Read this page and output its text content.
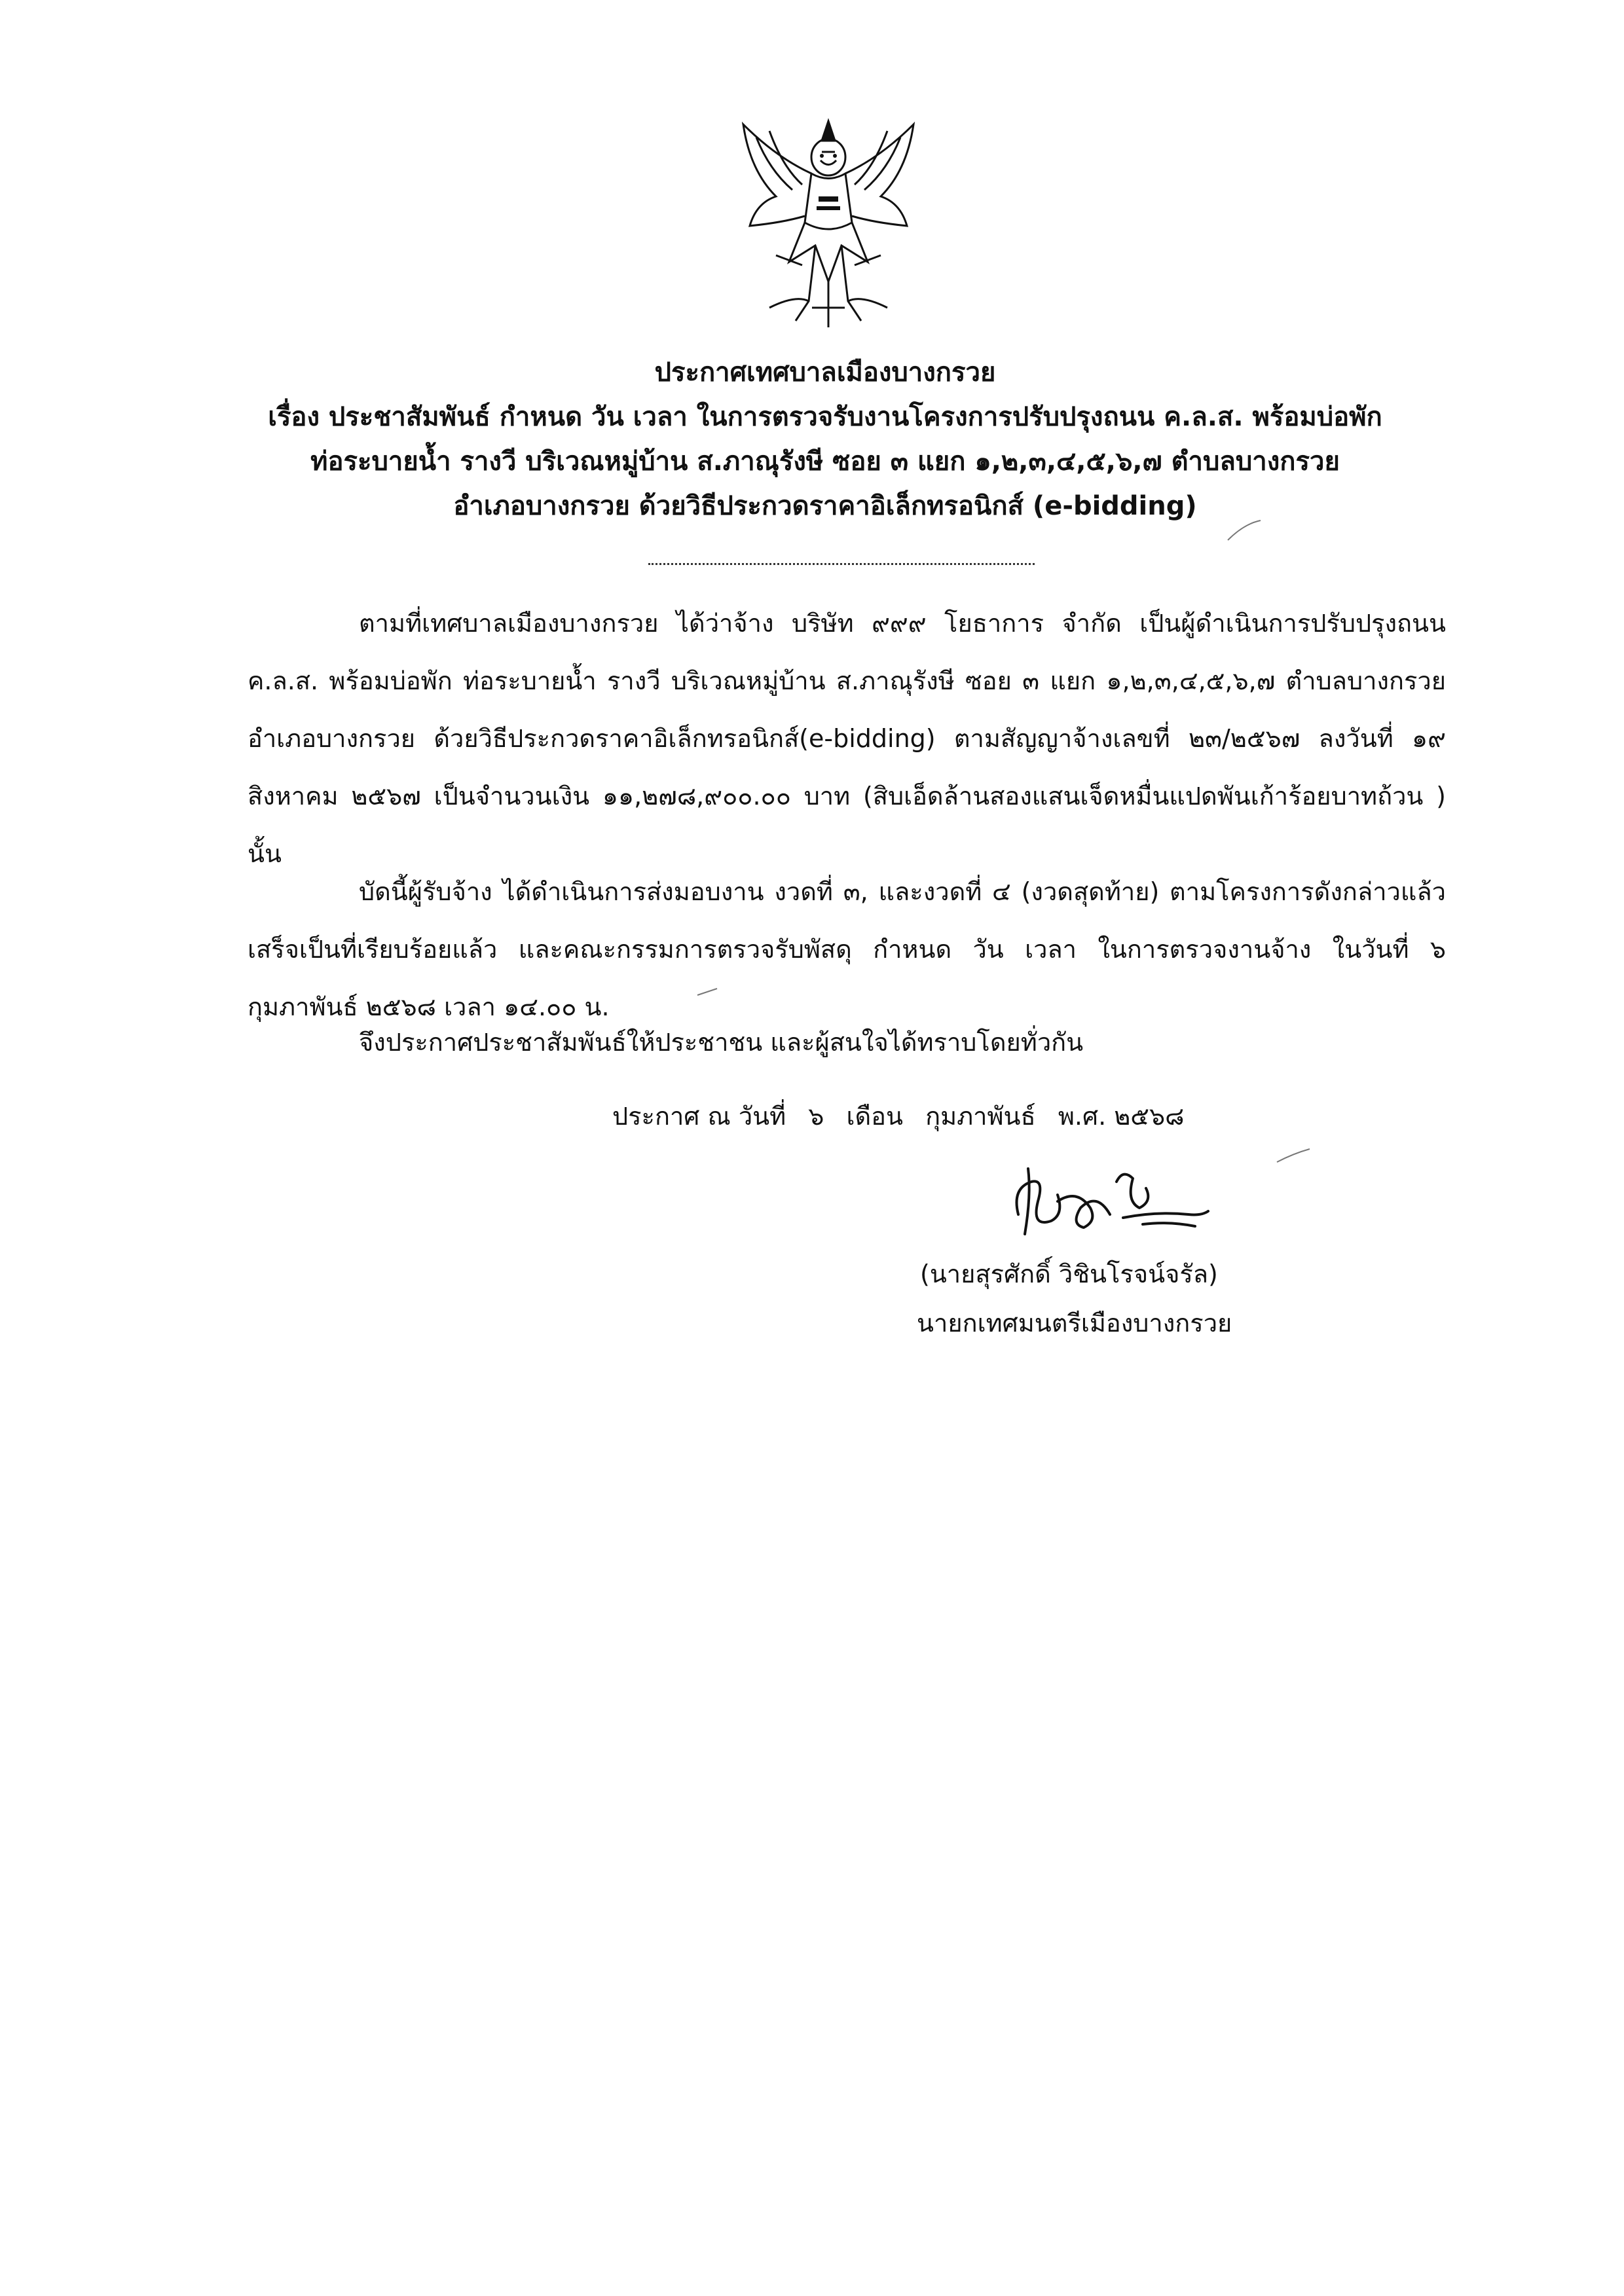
ประกาศเทศบาลเมืองบางกรวย
เรื่อง ประชาสัมพันธ์ กำหนด วัน เวลา ในการตรวจรับงานโครงการปรับปรุงถนน ค.ล.ส. พร้อมบ่อพัก
ท่อระบายน้ำ รางวี บริเวณหมู่บ้าน ส.ภาณุรังษี ซอย ๓ แยก ๑,๒,๓,๔,๕,๖,๗ ตำบลบางกรวย
อำเภอบางกรวย ด้วยวิธีประกวดราคาอิเล็กทรอนิกส์ (e-bidding)
ตามที่เทศบาลเมืองบางกรวย ได้ว่าจ้าง บริษัท ๙๙๙ โยธาการ จำกัด เป็นผู้ดำเนินการปรับปรุงถนนค.ล.ส. พร้อมบ่อพัก ท่อระบายน้ำ รางวี บริเวณหมู่บ้าน ส.ภาณุรังษี ซอย ๓ แยก ๑,๒,๓,๔,๕,๖,๗ ตำบลบางกรวย อำเภอบางกรวย ด้วยวิธีประกวดราคาอิเล็กทรอนิกส์(e-bidding) ตามสัญญาจ้างเลขที่ ๒๓/๒๕๖๗ ลงวันที่ ๑๙ สิงหาคม ๒๕๖๗ เป็นจำนวนเงิน ๑๑,๒๗๘,๙๐๐.๐๐ บาท (สิบเอ็ดล้านสองแสนเจ็ดหมื่นแปดพันเก้าร้อยบาทถ้วน ) นั้น
บัดนี้ผู้รับจ้าง ได้ดำเนินการส่งมอบงาน งวดที่ ๓, และงวดที่ ๔ (งวดสุดท้าย) ตามโครงการดังกล่าวแล้วเสร็จเป็นที่เรียบร้อยแล้ว และคณะกรรมการตรวจรับพัสดุ กำหนด วัน เวลา ในการตรวจงานจ้าง ในวันที่ ๖ กุมภาพันธ์ ๒๕๖๘ เวลา ๑๔.๐๐ น.
จึงประกาศประชาสัมพันธ์ให้ประชาชน และผู้สนใจได้ทราบโดยทั่วกัน
ประกาศ ณ วันที่ ๖ เดือน กุมภาพันธ์ พ.ศ. ๒๕๖๘
(นายสุรศักดิ์ วิชินโรจน์จรัล)
นายกเทศมนตรีเมืองบางกรวย
